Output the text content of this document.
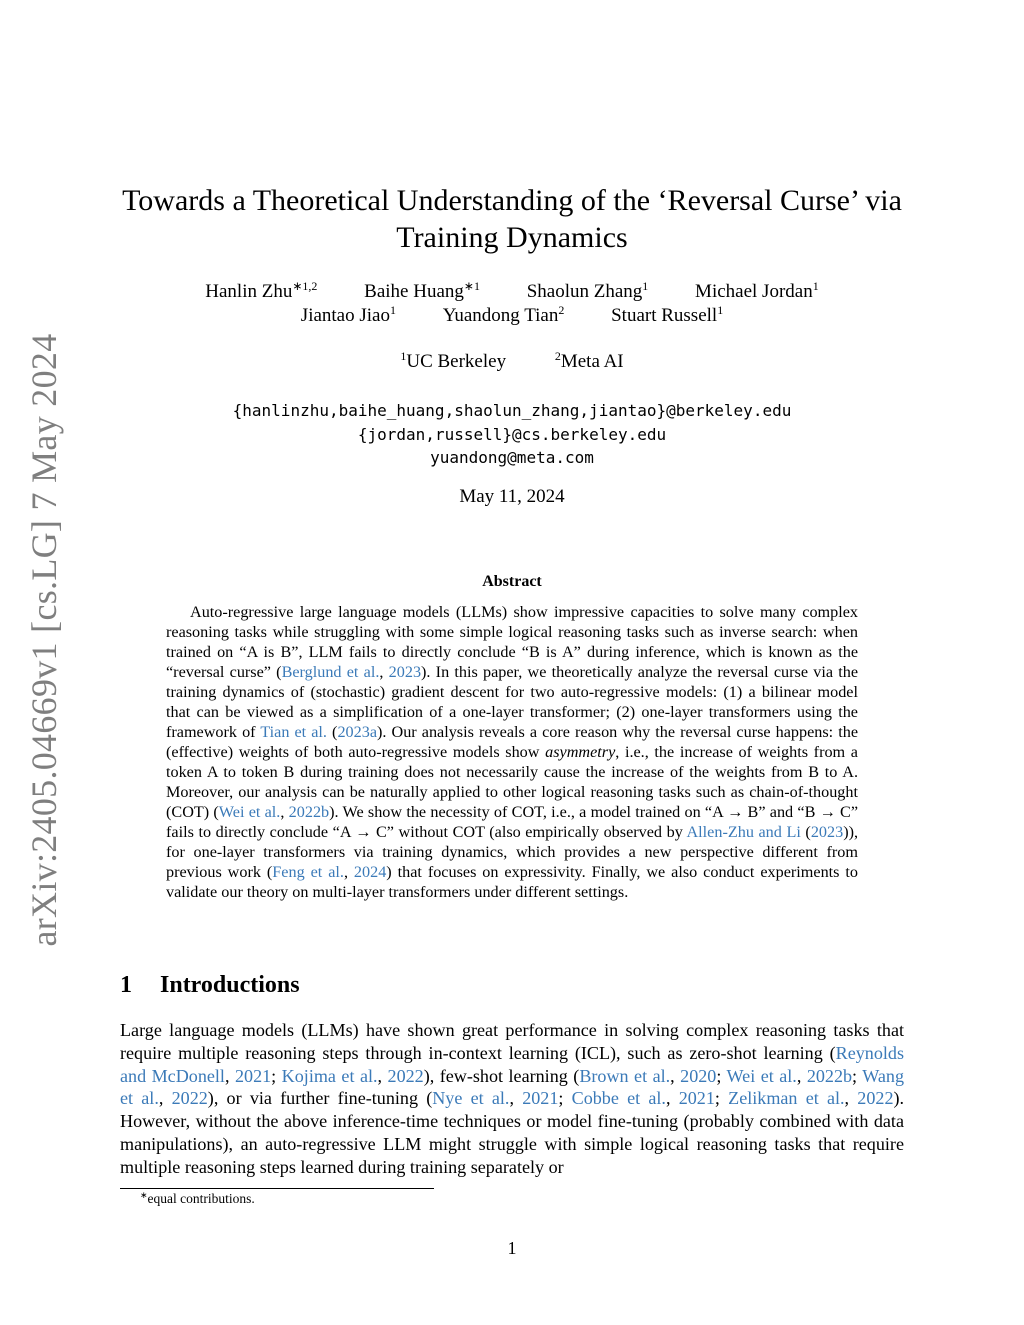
arXiv:2405.04669v1 [cs.LG] 7 May 2024
Towards a Theoretical Understanding of the ‘Reversal Curse’ via Training Dynamics
Hanlin Zhu$^{∗1,2}$ Baihe Huang$^{∗1}$ Shaolun Zhang$^1$ Michael Jordan$^1$
Jiantao Jiao$^1$ Yuandong Tian$^2$ Stuart Russell$^1$
$^1$UC Berkeley	$^2$Meta AI
{hanlinzhu,baihe_huang,shaolun_zhang,jiantao}@berkeley.edu
{jordan,russell}@cs.berkeley.edu
yuandong@meta.com
May 11, 2024
Abstract

Auto-regressive large language models (LLMs) show impressive capacities to solve many complex reasoning tasks while struggling with some simple logical reasoning tasks such as inverse search: when trained on “A is B”, LLM fails to directly conclude “B is A” during inference, which is known as the “reversal curse” (Berglund et al., 2023). In this paper, we theoretically analyze the reversal curse via the training dynamics of (stochastic) gradient descent for two auto-regressive models: (1) a bilinear model that can be viewed as a simplification of a one-layer transformer; (2) one-layer transformers using the framework of Tian et al. (2023a). Our analysis reveals a core reason why the reversal curse happens: the (effective) weights of both auto-regressive models show asymmetry, i.e., the increase of weights from a token A to token B during training does not necessarily cause the increase of the weights from B to A. Moreover, our analysis can be naturally applied to other logical reasoning tasks such as chain-of-thought (COT) (Wei et al., 2022b). We show the necessity of COT, i.e., a model trained on “A → B” and “B → C” fails to directly conclude “A → C” without COT (also empirically observed by Allen-Zhu and Li (2023)), for one-layer transformers via training dynamics, which provides a new perspective different from previous work (Feng et al., 2024) that focuses on expressivity. Finally, we also conduct experiments to validate our theory on multi-layer transformers under different settings.

1 Introductions

Large language models (LLMs) have shown great performance in solving complex reasoning tasks that require multiple reasoning steps through in-context learning (ICL), such as zero-shot learning (Reynolds and McDonell, 2021; Kojima et al., 2022), few-shot learning (Brown et al., 2020; Wei et al., 2022b; Wang et al., 2022), or via further fine-tuning (Nye et al., 2021; Cobbe et al., 2021; Zelikman et al., 2022). However, without the above inference-time techniques or model fine-tuning (probably combined with data manipulations), an auto-regressive LLM might struggle with simple logical reasoning tasks that require multiple reasoning steps learned during training separately or

∗equal contributions.
1
